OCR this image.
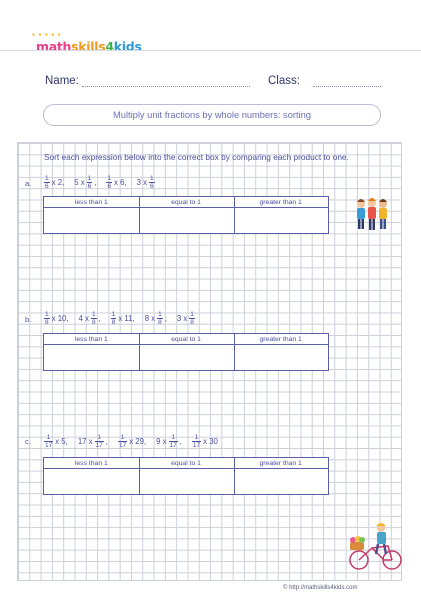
● ● ● ● ●
mathskills4kids
Name:	Class:
Multiply unit fractions by whole numbers: sorting
Sort each expression below into the correct box by comparing each product to one.
a. $\frac{1}{6}$ x 2, 5 x $\frac{1}{6}$ , $\frac{1}{6}$ x 6, 3 x $\frac{1}{6}$
less than 1	equal to 1	greater than 1
b. $\frac{1}{8}$ x 10, 4 x $\frac{1}{8}$ , $\frac{1}{8}$ x 11, 8 x $\frac{1}{8}$ , 3 x $\frac{1}{8}$
less than 1	equal to 1	greater than 1
c. $\frac{1}{17}$ x 5, 17 x $\frac{1}{17}$ , $\frac{1}{17}$ x 29, 9 x $\frac{1}{17}$ , $\frac{1}{17}$ x 30
less than 1	equal to 1	greater than 1
© http://mathskills4kids.com
